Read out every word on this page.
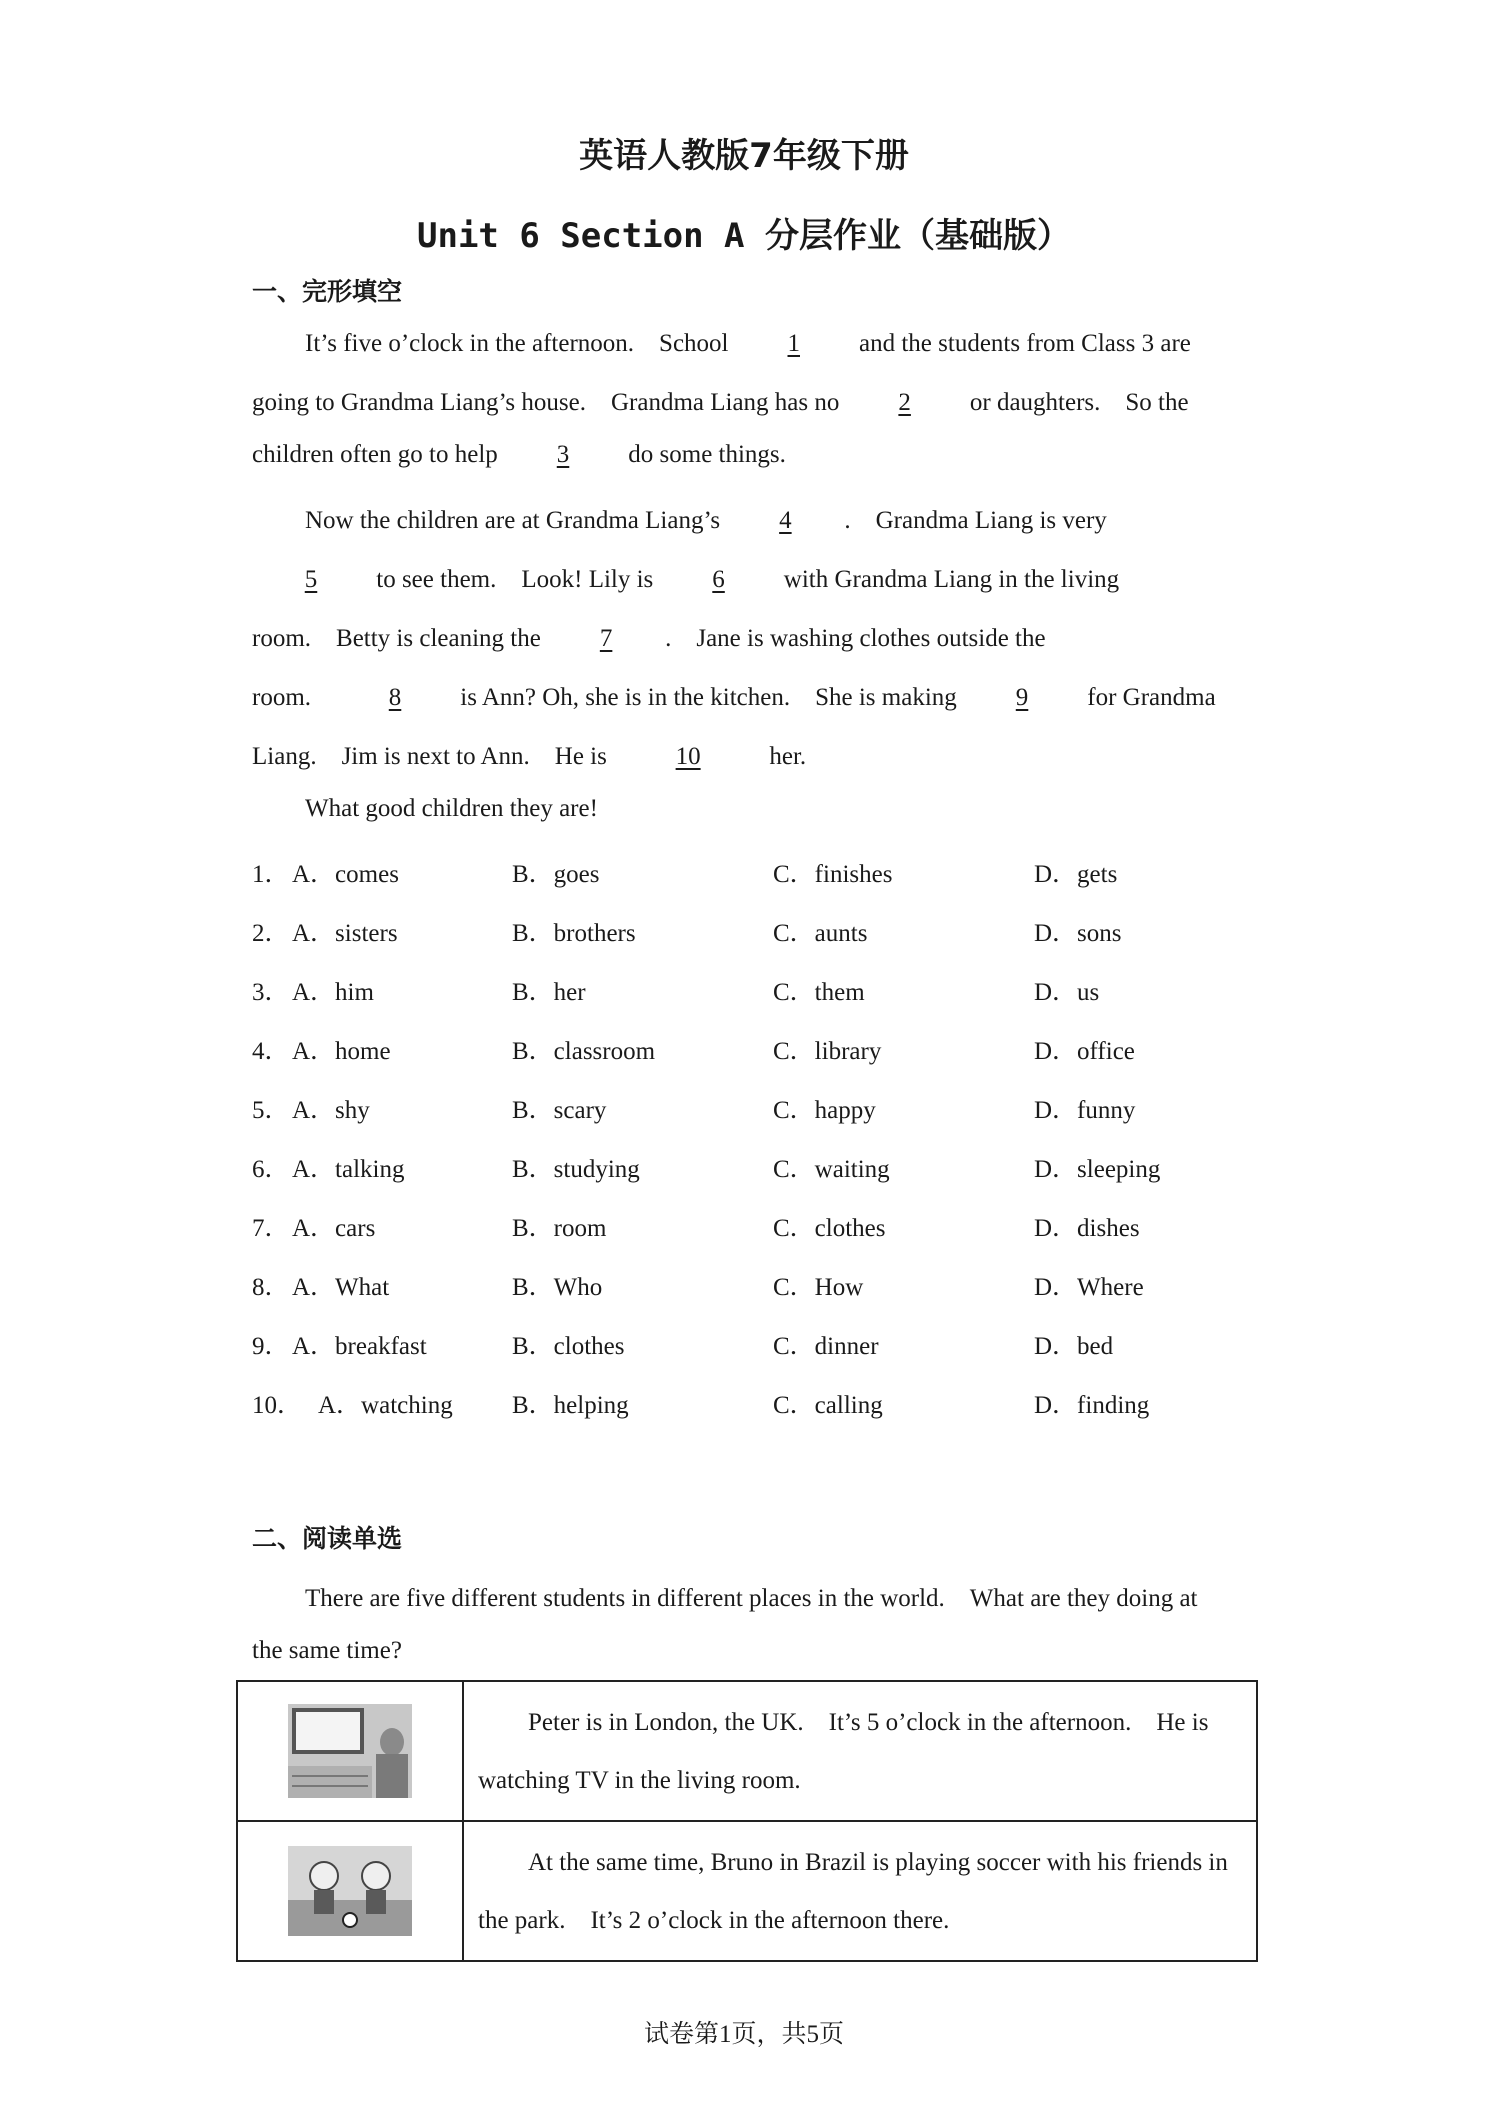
英语人教版7年级下册
Unit 6 Section A 分层作业（基础版）
一、完形填空
It’s five o’clock in the afternoon.　School 1 and the students from Class 3 are
going to Grandma Liang’s house.　Grandma Liang has no 2 or daughters.　So the
children often go to help 3 do some things.
Now the children are at Grandma Liang’s 4 .　Grandma Liang is very
5 to see them.　Look! Lily is 6 with Grandma Liang in the living
room.　Betty is cleaning the 7 .　Jane is washing clothes outside the
room.　8 is Ann? Oh, she is in the kitchen.　She is making 9 for Grandma
Liang.　Jim is next to Ann.　He is	10	her.
What good children they are!
1． A．comes	B．goes	C．finishes	D．gets
2． A．sisters	B．brothers	C．aunts	D．sons
3． A．him	B．her	C．them	D．us
4． A．home	B．classroom	C．library	D．office
5． A．shy	B．scary	C．happy	D．funny
6． A．talking	B．studying	C．waiting	D．sleeping
7． A．cars	B．room	C．clothes	D．dishes
8． A．What	B．Who	C．How	D．Where
9． A．breakfast	B．clothes	C．dinner	D．bed
10． A．watching B．helping	C．calling	D．finding
二、阅读单选
There are five different students in different places in the world.　What are they doing at
the same time?

Peter is in London, the UK.　It’s 5 o’clock in the afternoon.　He is watching TV in the living room.

At the same time, Bruno in Brazil is playing soccer with his friends in the park.　It’s 2 o’clock in the afternoon there.
试卷第1页，共5页
